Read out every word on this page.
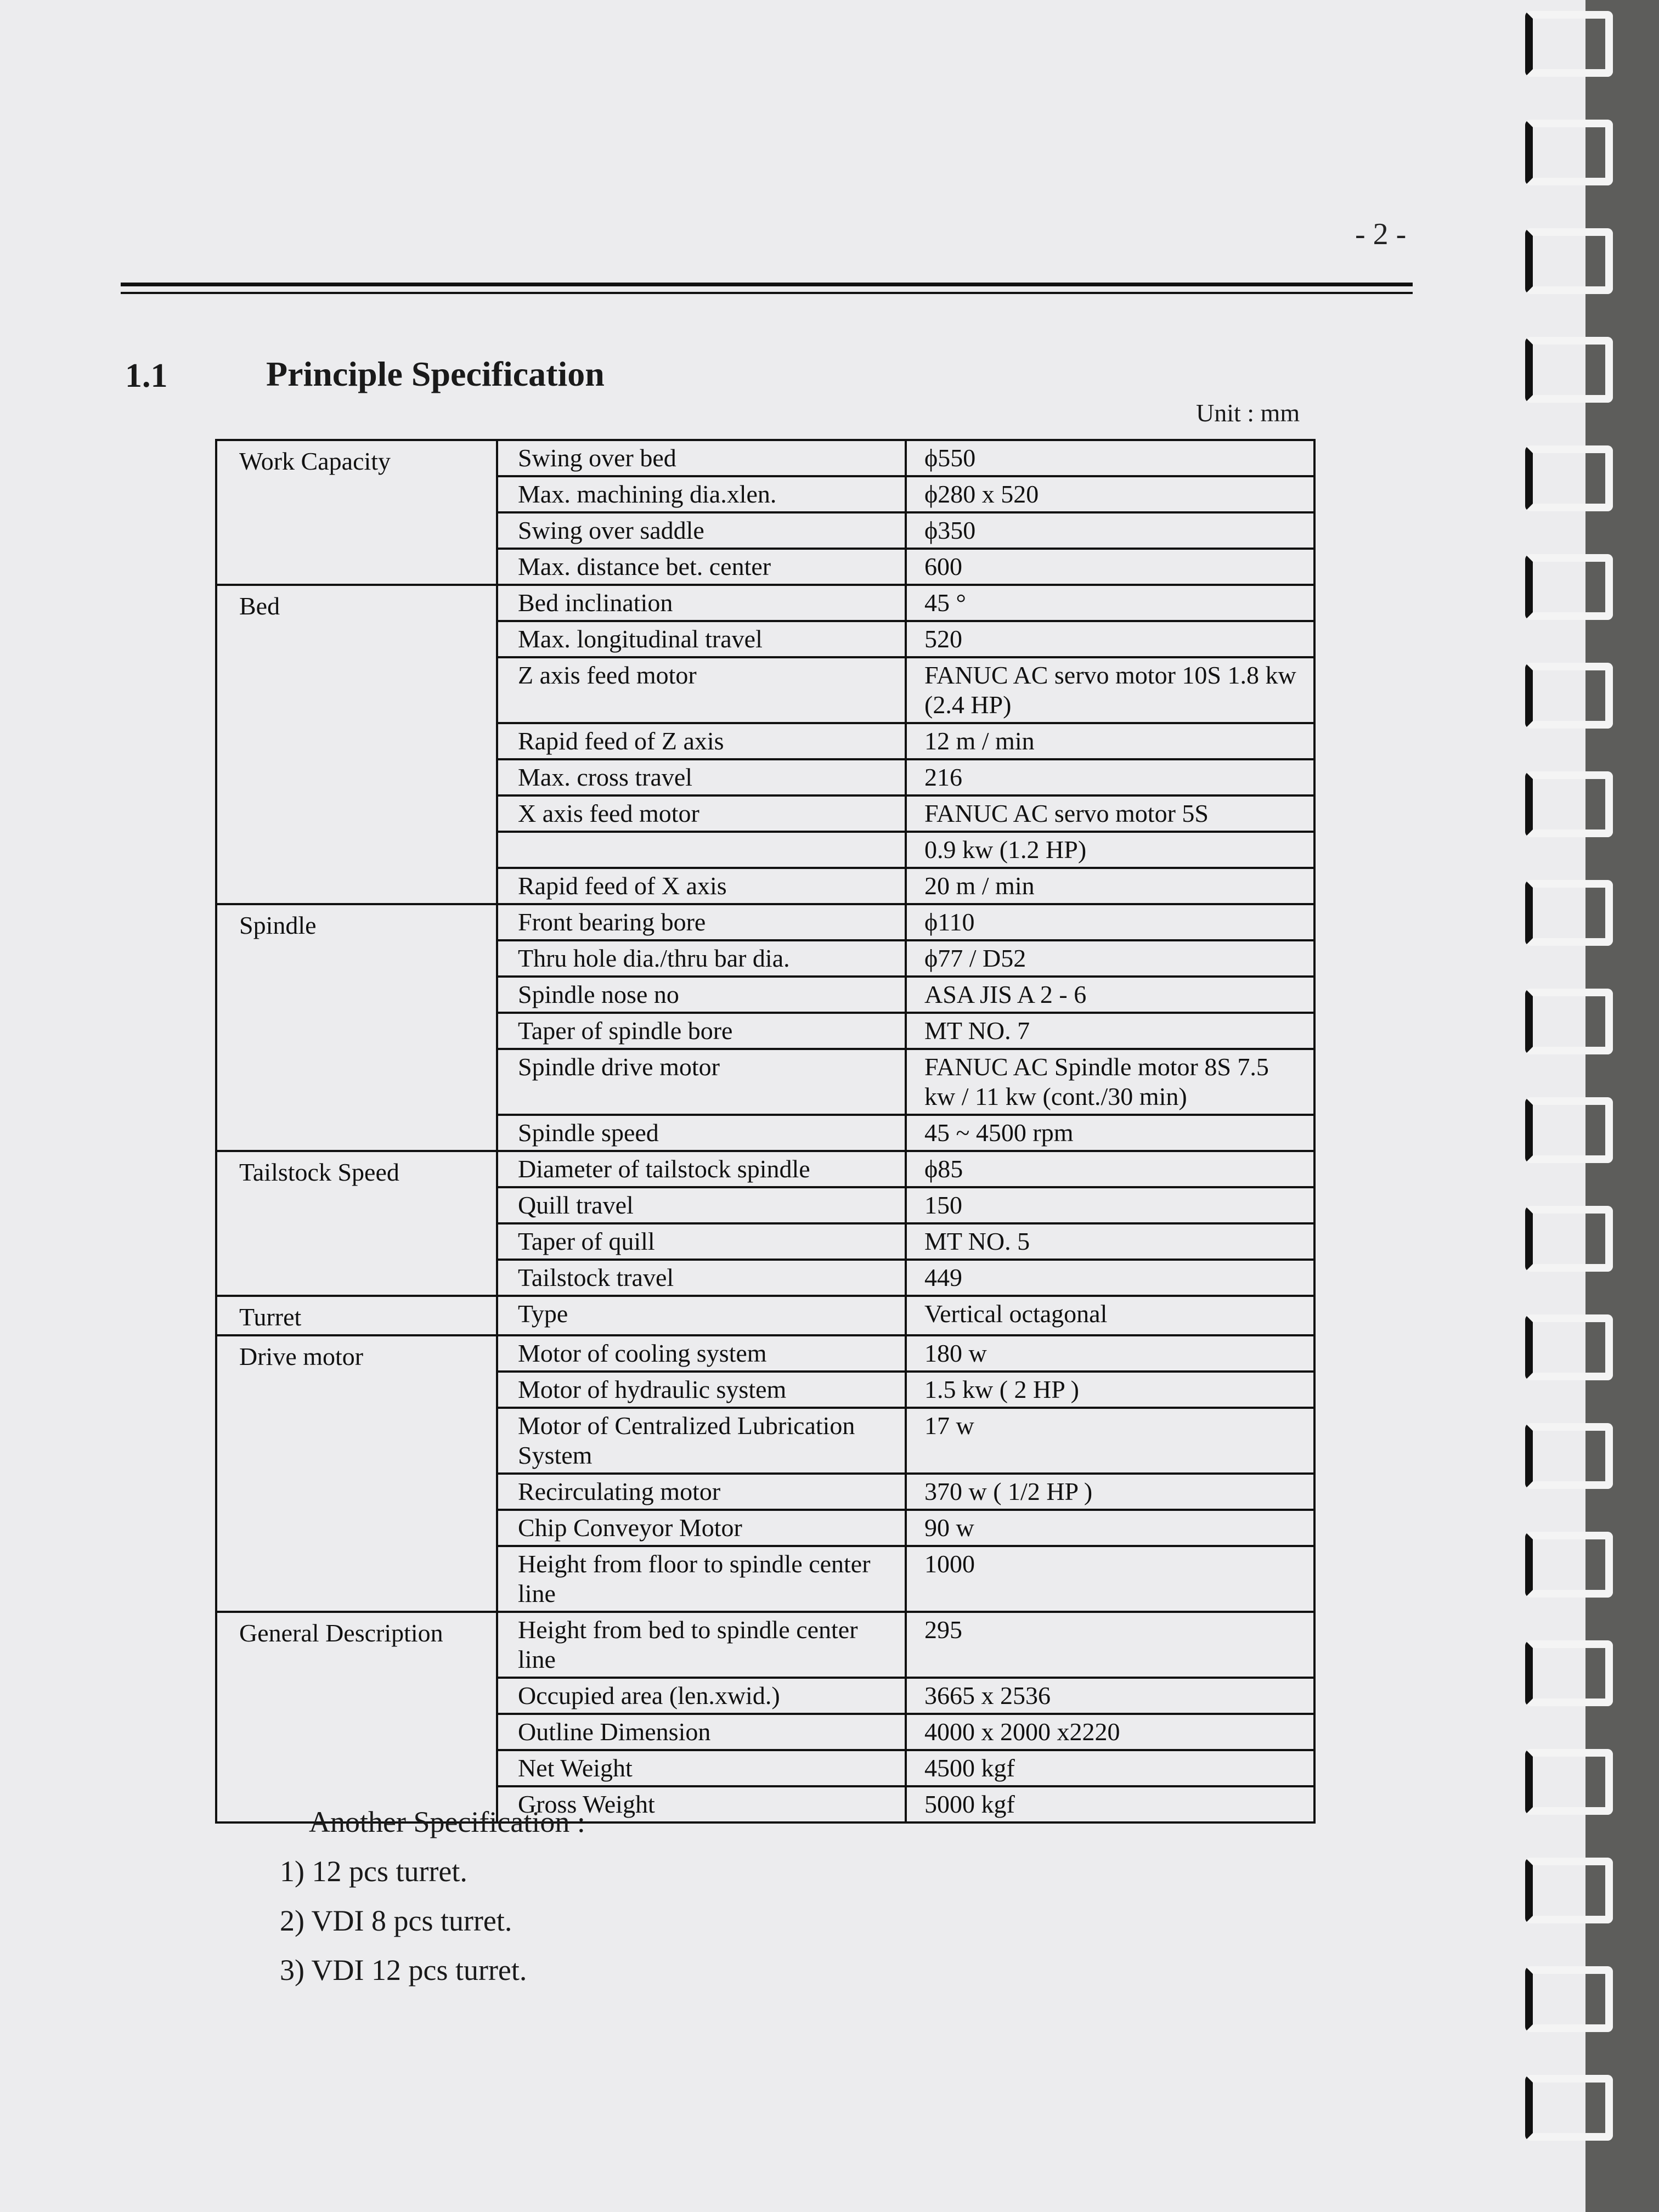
- 2 -
1.1	Principle Specification
Unit : mm
Work Capacity	Swing over bed	ϕ550
	Max. machining dia.xlen.	ϕ280 x 520
	Swing over saddle	ϕ350
	Max. distance bet. center	600
Bed	Bed inclination	45 °
	Max. longitudinal travel	520
	Z axis feed motor	FANUC AC servo motor 10S 1.8 kw (2.4 HP)
	Rapid feed of Z axis	12 m / min
	Max. cross travel	216
	X axis feed motor	FANUC AC servo motor 5S
		0.9 kw (1.2 HP)
	Rapid feed of X axis	20 m / min
Spindle	Front bearing bore	ϕ110
	Thru hole dia./thru bar dia.	ϕ77 / D52
	Spindle nose no	ASA JIS A 2 - 6
	Taper of spindle bore	MT NO. 7
	Spindle drive motor	FANUC AC Spindle motor 8S 7.5 kw / 11 kw (cont./30 min)
	Spindle speed	45 ~ 4500 rpm
Tailstock Speed	Diameter of tailstock spindle	ϕ85
	Quill travel	150
	Taper of quill	MT NO. 5
	Tailstock travel	449
Turret	Type	Vertical octagonal
Drive motor	Motor of cooling system	180 w
	Motor of hydraulic system	1.5 kw ( 2 HP )
	Motor of Centralized Lubrication System	17 w
	Recirculating motor	370 w ( 1/2 HP )
	Chip Conveyor Motor	90 w
	Height from floor to spindle center line	1000
General Description	Height from bed to spindle center line	295
	Occupied area (len.xwid.)	3665 x 2536
	Outline Dimension	4000 x 2000 x2220
	Net Weight	4500 kgf
	Gross Weight	5000 kgf
Another Specification :
1) 12 pcs turret.
2) VDI 8 pcs turret.
3) VDI 12 pcs turret.
